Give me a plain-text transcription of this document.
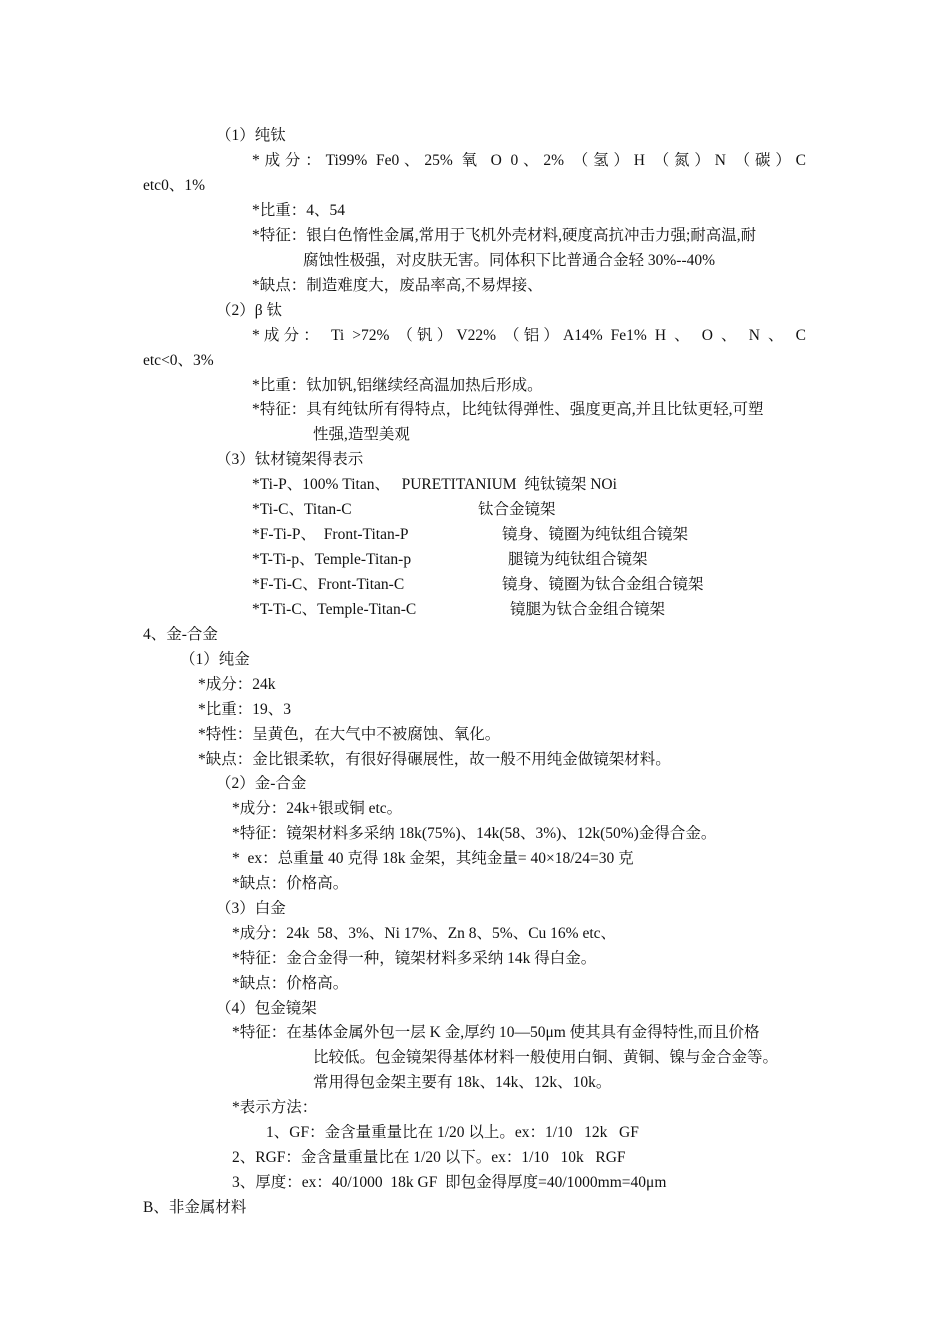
（1）纯钛
*成分：Ti99% Fe0、25% 氧 O 0、2% （氢）H （氮）N （碳）C
etc0、1%
*比重：4、54
*特征：银白色惰性金属,常用于飞机外壳材料,硬度高抗冲击力强;耐高温,耐
腐蚀性极强，对皮肤无害。同体积下比普通合金轻 30%--40%
*缺点：制造难度大，废品率高,不易焊接、
（2）β 钛
*成分： Ti >72% （钒）V22% （铝）A14% Fe1% H 、 O 、 N 、 C
etc<0、3%
*比重：钛加钒,铝继续经高温加热后形成。
*特征：具有纯钛所有得特点，比纯钛得弹性、强度更高,并且比钛更轻,可塑
性强,造型美观
（3）钛材镜架得表示
*Ti-P、100% Titan、   PURETITANIUM  纯钛镜架 NOi
*Ti-C、Titan-C	钛合金镜架
*F-Ti-P、  Front-Titan-P	镜身、镜圈为纯钛组合镜架
*T-Ti-p、Temple-Titan-p	腿镜为纯钛组合镜架
*F-Ti-C、Front-Titan-C	镜身、镜圈为钛合金组合镜架
*T-Ti-C、Temple-Titan-C	镜腿为钛合金组合镜架
4、金-合金
（1）纯金
*成分：24k
*比重：19、3
*特性：呈黄色，在大气中不被腐蚀、氧化。
*缺点：金比银柔软，有很好得碾展性，故一般不用纯金做镜架材料。
（2）金-合金
*成分：24k+银或铜 etc。
*特征：镜架材料多采纳 18k(75%)、14k(58、3%)、12k(50%)金得合金。
*  ex：总重量 40 克得 18k 金架，其纯金量= 40×18/24=30 克
*缺点：价格高。
（3）白金
*成分：24k  58、3%、Ni 17%、Zn 8、5%、Cu 16% etc、
*特征：金合金得一种，镜架材料多采纳 14k 得白金。
*缺点：价格高。
（4）包金镜架
*特征：在基体金属外包一层 K 金,厚约 10—50μm 使其具有金得特性,而且价格
比较低。包金镜架得基体材料一般使用白铜、黄铜、镍与金合金等。
常用得包金架主要有 18k、14k、12k、10k。
*表示方法：
1、GF：金含量重量比在 1/20 以上。ex：1/10   12k   GF
2、RGF：金含量重量比在 1/20 以下。ex：1/10   10k   RGF
3、厚度：ex：40/1000  18k GF  即包金得厚度=40/1000mm=40μm
B、非金属材料
